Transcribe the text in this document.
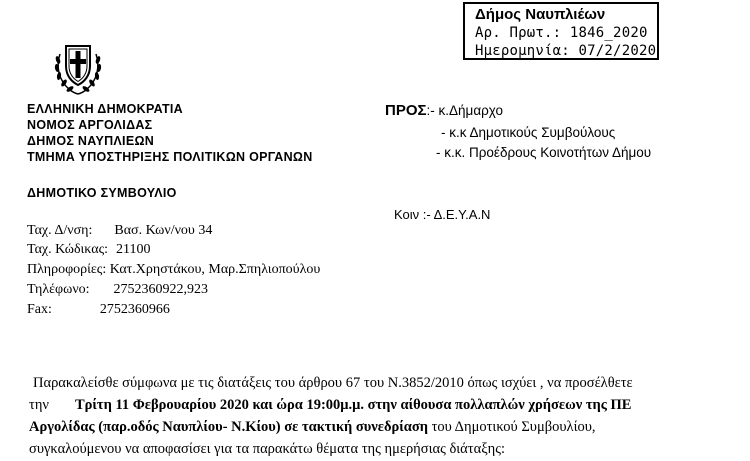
Δήμος Ναυπλιέων
Αρ. Πρωτ.: 1846_2020
Ημερομηνία: 07/2/2020
ΕΛΛΗΝΙΚΗ ΔΗΜΟΚΡΑΤΙΑ
ΝΟΜΟΣ ΑΡΓΟΛΙΔΑΣ
ΔΗΜΟΣ ΝΑΥΠΛΙΕΩΝ
ΤΜΗΜΑ ΥΠΟΣΤΗΡΙΞΗΣ ΠΟΛΙΤΙΚΩΝ ΟΡΓΑΝΩΝ
ΔΗΜΟΤΙΚΟ ΣΥΜΒΟΥΛΙΟ
ΠΡΟΣ:- κ.Δήμαρχο
- κ.κ Δημοτικούς Συμβούλους
- κ.κ. Προέδρους Κοινοτήτων Δήμου
Κοιν :- Δ.Ε.Υ.Α.Ν
Ταχ. Δ/νση: Βασ. Κων/νου 34
Ταχ. Κώδικας: 21100
Πληροφορίες: Κατ.Χρηστάκου, Μαρ.Σπηλιοπούλου
Τηλέφωνο: 2752360922,923
Fax:	2752360966
Παρακαλείσθε σύμφωνα με τις διατάξεις του άρθρου 67 του Ν.3852/2010 όπως ισχύει , να προσέλθετε
την Τρίτη 11 Φεβρουαρίου 2020 και ώρα 19:00μ.μ. στην αίθουσα πολλαπλών χρήσεων της ΠΕ
Αργολίδας (παρ.οδός Ναυπλίου- Ν.Κίου) σε τακτική συνεδρίαση του Δημοτικού Συμβουλίου,
συγκαλούμενου να αποφασίσει για τα παρακάτω θέματα της ημερήσιας διάταξης:
